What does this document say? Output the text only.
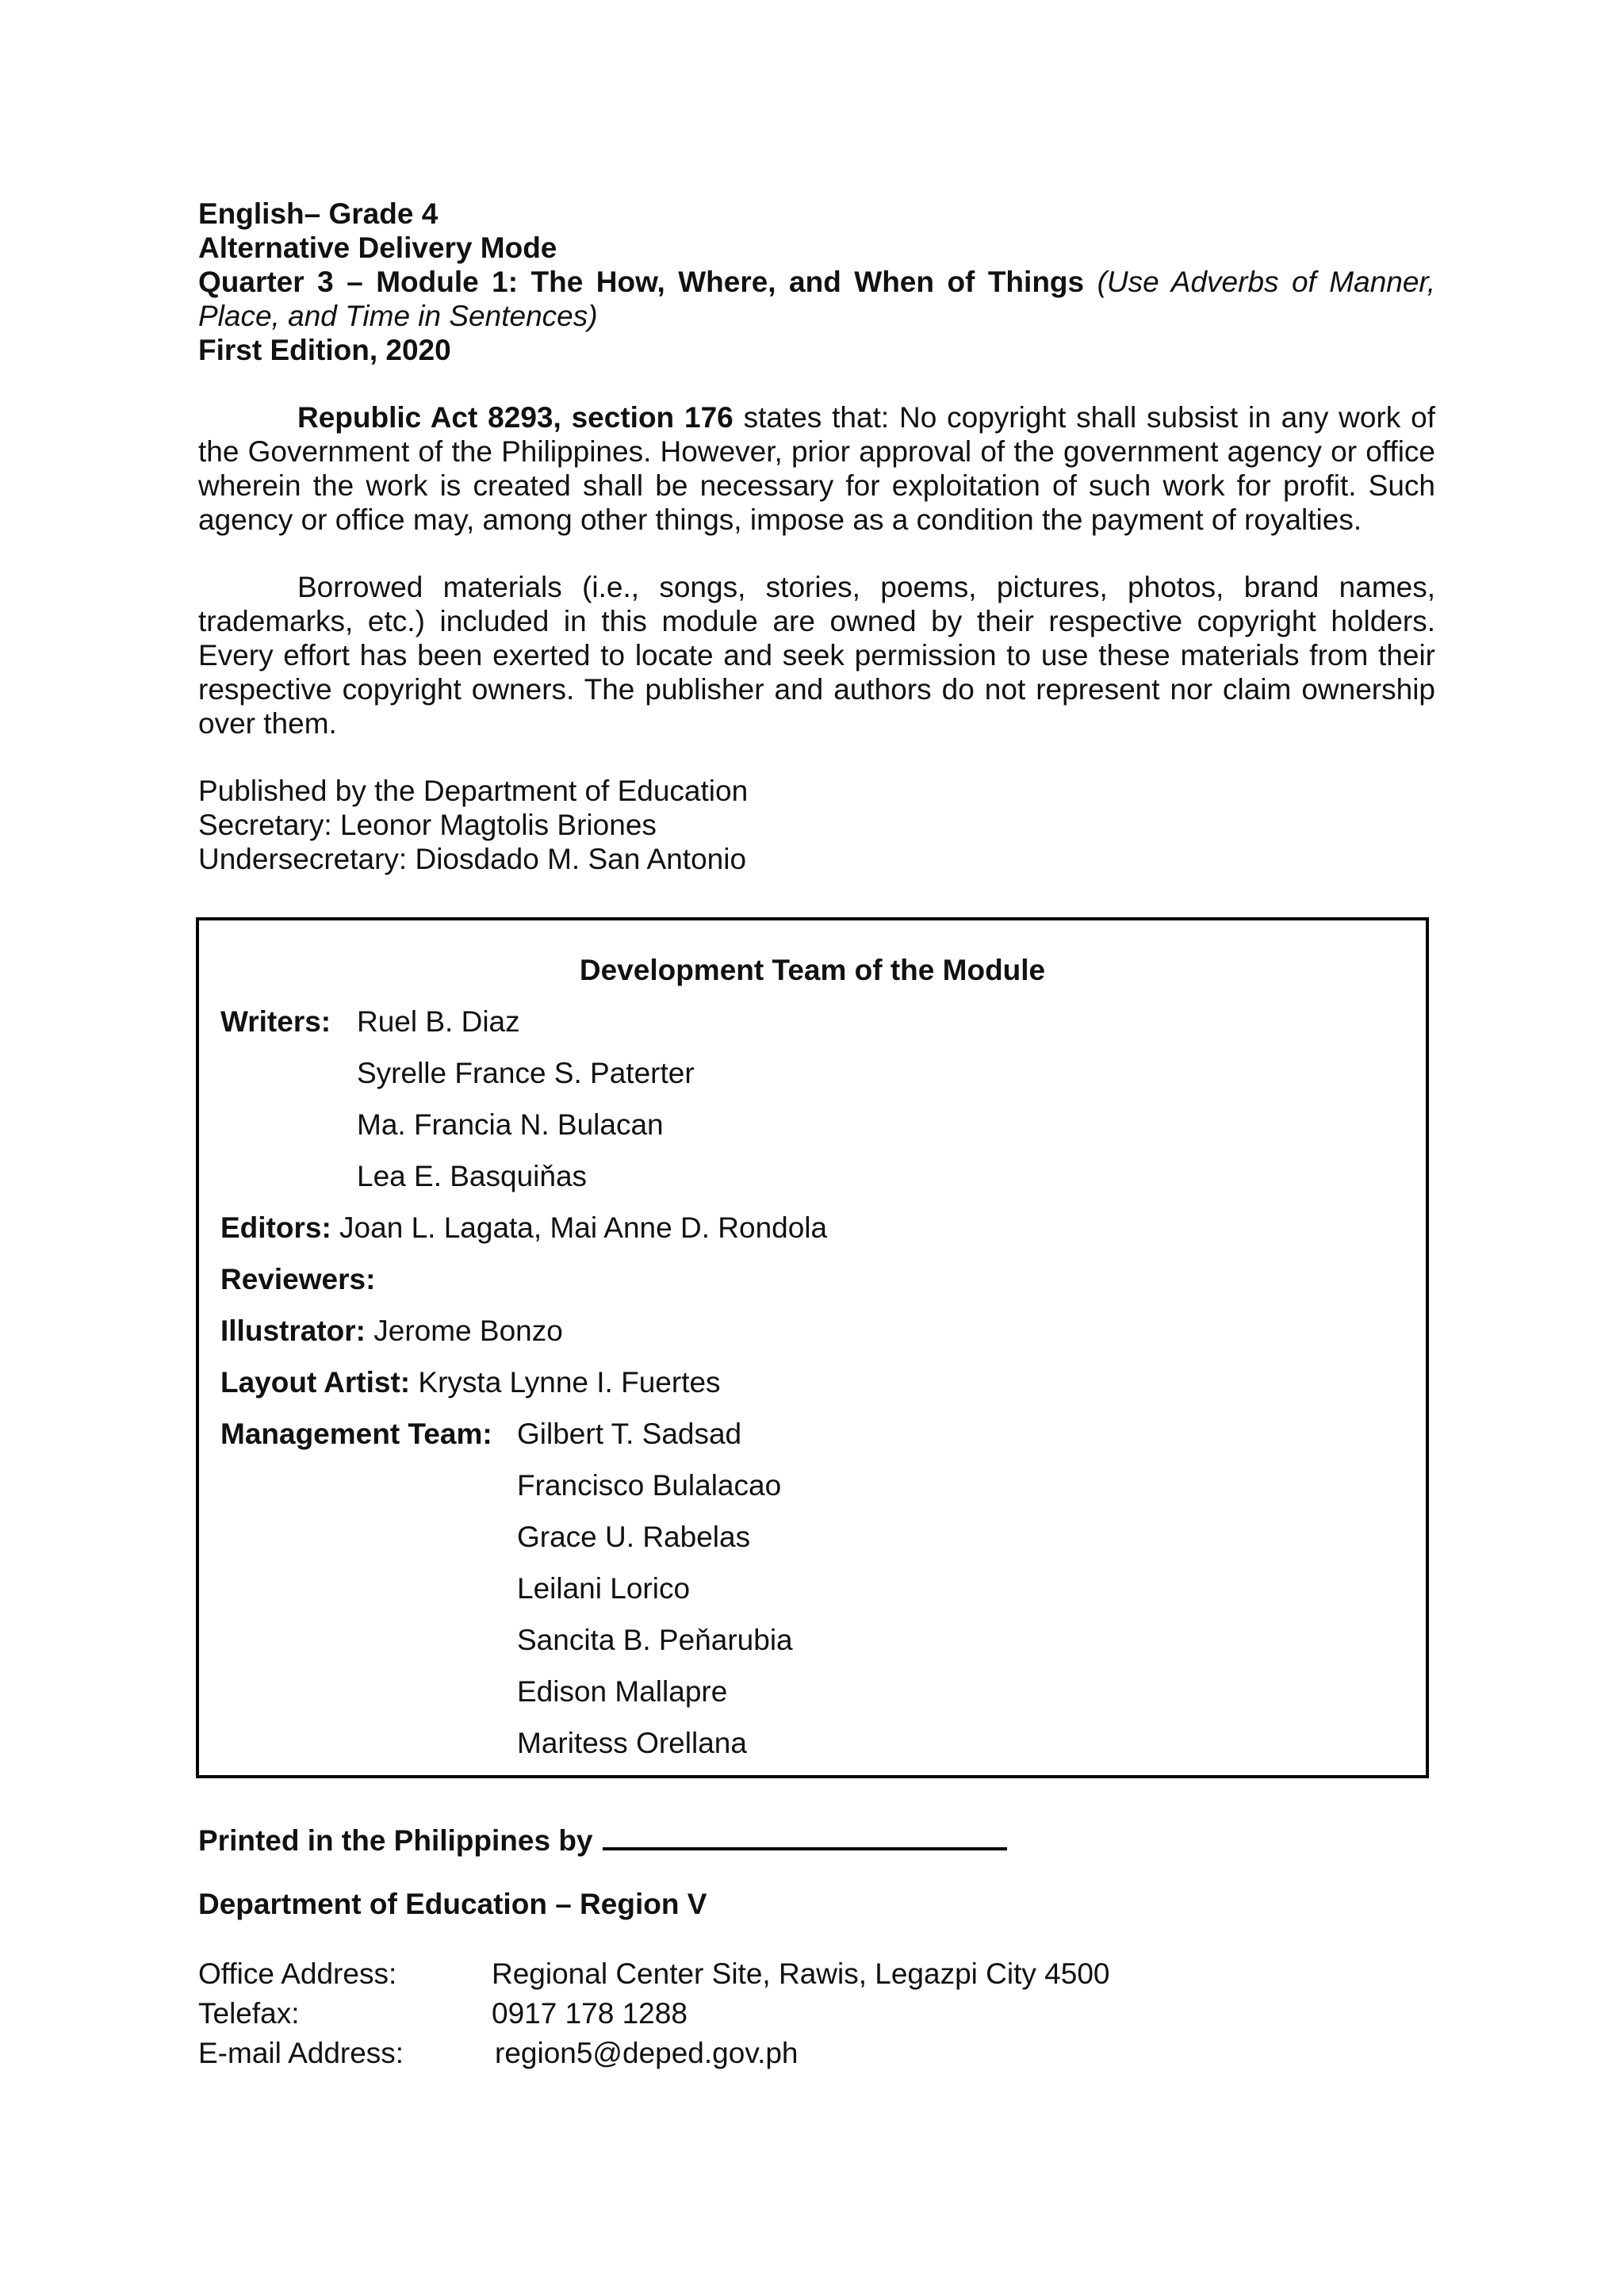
English– Grade 4
Alternative Delivery Mode
Quarter 3 – Module 1: The How, Where, and When of Things (Use Adverbs of Manner, Place, and Time in Sentences)
First Edition, 2020
Republic Act 8293, section 176 states that: No copyright shall subsist in any work of the Government of the Philippines. However, prior approval of the government agency or office wherein the work is created shall be necessary for exploitation of such work for profit. Such agency or office may, among other things, impose as a condition the payment of royalties.
Borrowed materials (i.e., songs, stories, poems, pictures, photos, brand names, trademarks, etc.) included in this module are owned by their respective copyright holders. Every effort has been exerted to locate and seek permission to use these materials from their respective copyright owners. The publisher and authors do not represent nor claim ownership over them.
Published by the Department of Education
Secretary: Leonor Magtolis Briones
Undersecretary: Diosdado M. San Antonio
Development Team of the Module
Writers: Ruel B. Diaz
Syrelle France S. Paterter
Ma. Francia N. Bulacan
Lea E. Basquiňas
Editors: Joan L. Lagata, Mai Anne D. Rondola
Reviewers:
Illustrator: Jerome Bonzo
Layout Artist: Krysta Lynne I. Fuertes
Management Team: Gilbert T. Sadsad
Francisco Bulalacao
Grace U. Rabelas
Leilani Lorico
Sancita B. Peňarubia
Edison Mallapre
Maritess Orellana
Printed in the Philippines by
Department of Education – Region V
Office Address:	Regional Center Site, Rawis, Legazpi City 4500
Telefax:	0917 178 1288
E-mail Address:	region5@deped.gov.ph
